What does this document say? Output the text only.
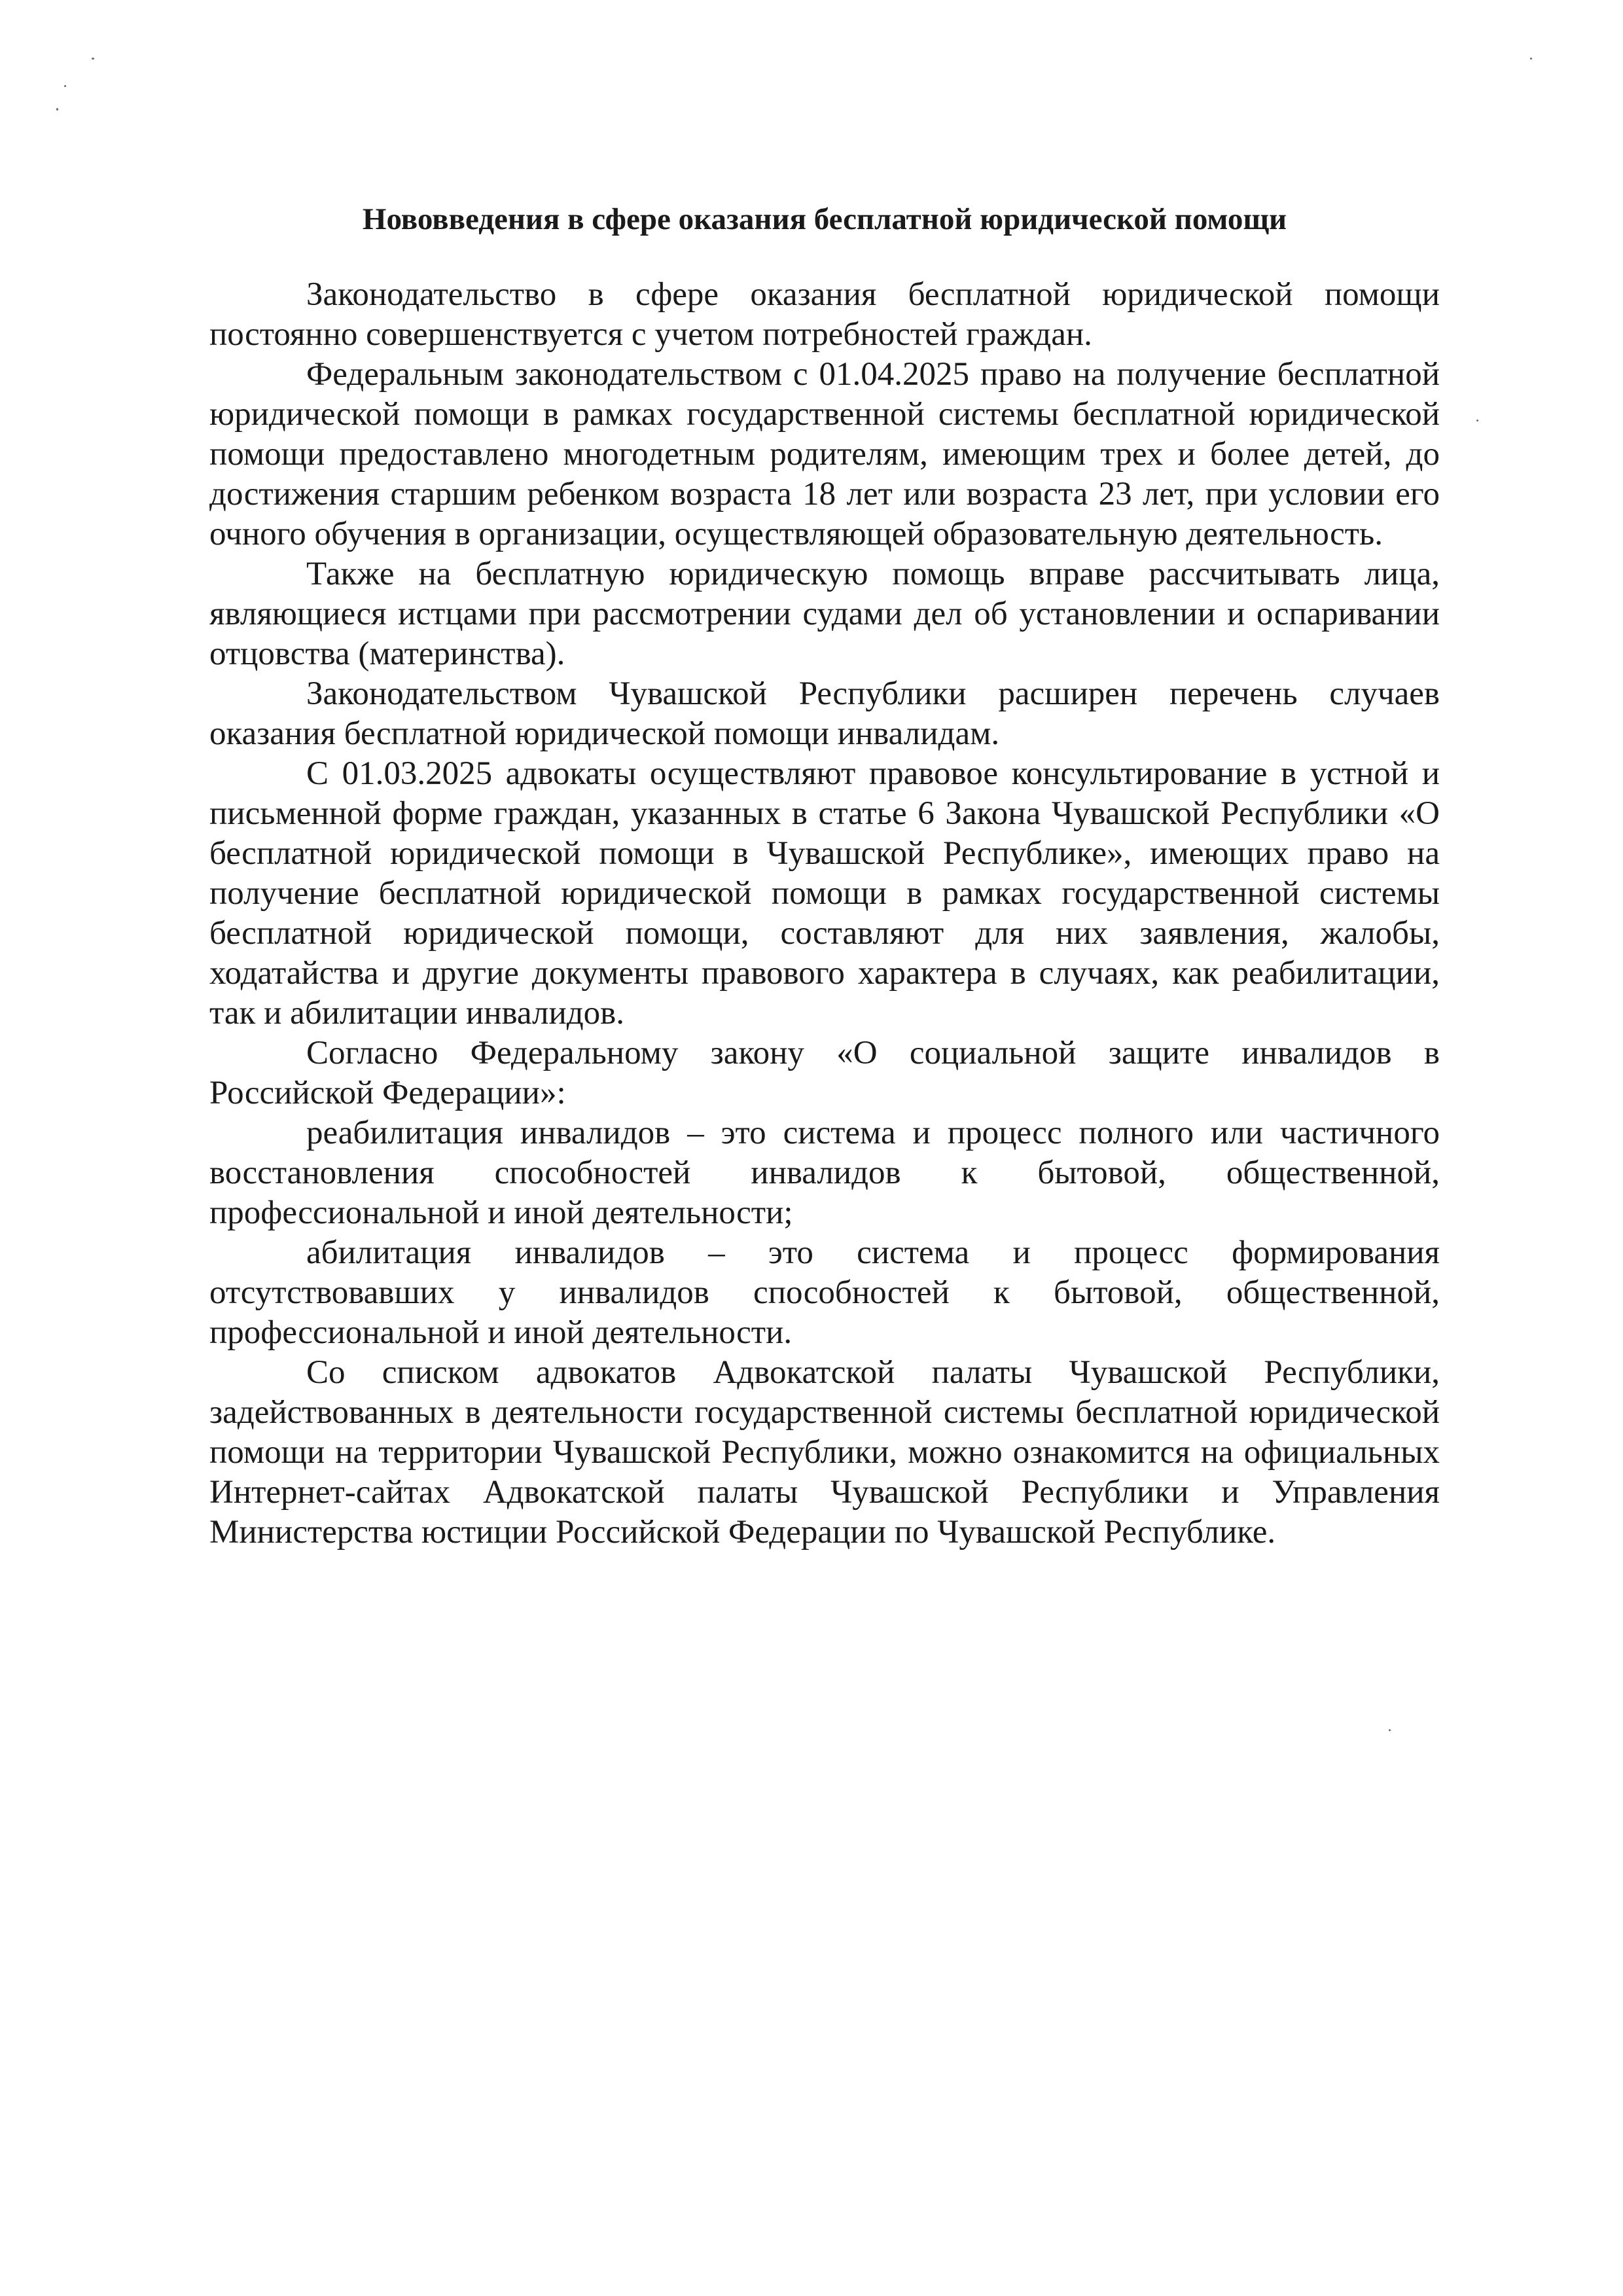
Нововведения в сфере оказания бесплатной юридической помощи

Законодательство в сфере оказания бесплатной юридической помощи постоянно совершенствуется с учетом потребностей граждан.

Федеральным законодательством с 01.04.2025 право на получение бесплатной юридической помощи в рамках государственной системы бесплатной юридической помощи предоставлено многодетным родителям, имеющим трех и более детей, до достижения старшим ребенком возраста 18 лет или возраста 23 лет, при условии его очного обучения в организации, осуществляющей образовательную деятельность.

Также на бесплатную юридическую помощь вправе рассчитывать лица, являющиеся истцами при рассмотрении судами дел об установлении и оспаривании отцовства (материнства).

Законодательством Чувашской Республики расширен перечень случаев оказания бесплатной юридической помощи инвалидам.

С 01.03.2025 адвокаты осуществляют правовое консультирование в устной и письменной форме граждан, указанных в статье 6 Закона Чувашской Республики «О бесплатной юридической помощи в Чувашской Республике», имеющих право на получение бесплатной юридической помощи в рамках государственной системы бесплатной юридической помощи, составляют для них заявления, жалобы, ходатайства и другие документы правового характера в случаях, как реабилитации, так и абилитации инвалидов.

Согласно Федеральному закону «О социальной защите инвалидов в Российской Федерации»:

реабилитация инвалидов – это система и процесс полного или частичного восстановления способностей инвалидов к бытовой, общественной, профессиональной и иной деятельности;

абилитация инвалидов – это система и процесс формирования отсутствовавших у инвалидов способностей к бытовой, общественной, профессиональной и иной деятельности.

Со списком адвокатов Адвокатской палаты Чувашской Республики, задействованных в деятельности государственной системы бесплатной юридической помощи на территории Чувашской Республики, можно ознакомится на официальных Интернет-сайтах Адвокатской палаты Чувашской Республики и Управления Министерства юстиции Российской Федерации по Чувашской Республике.
